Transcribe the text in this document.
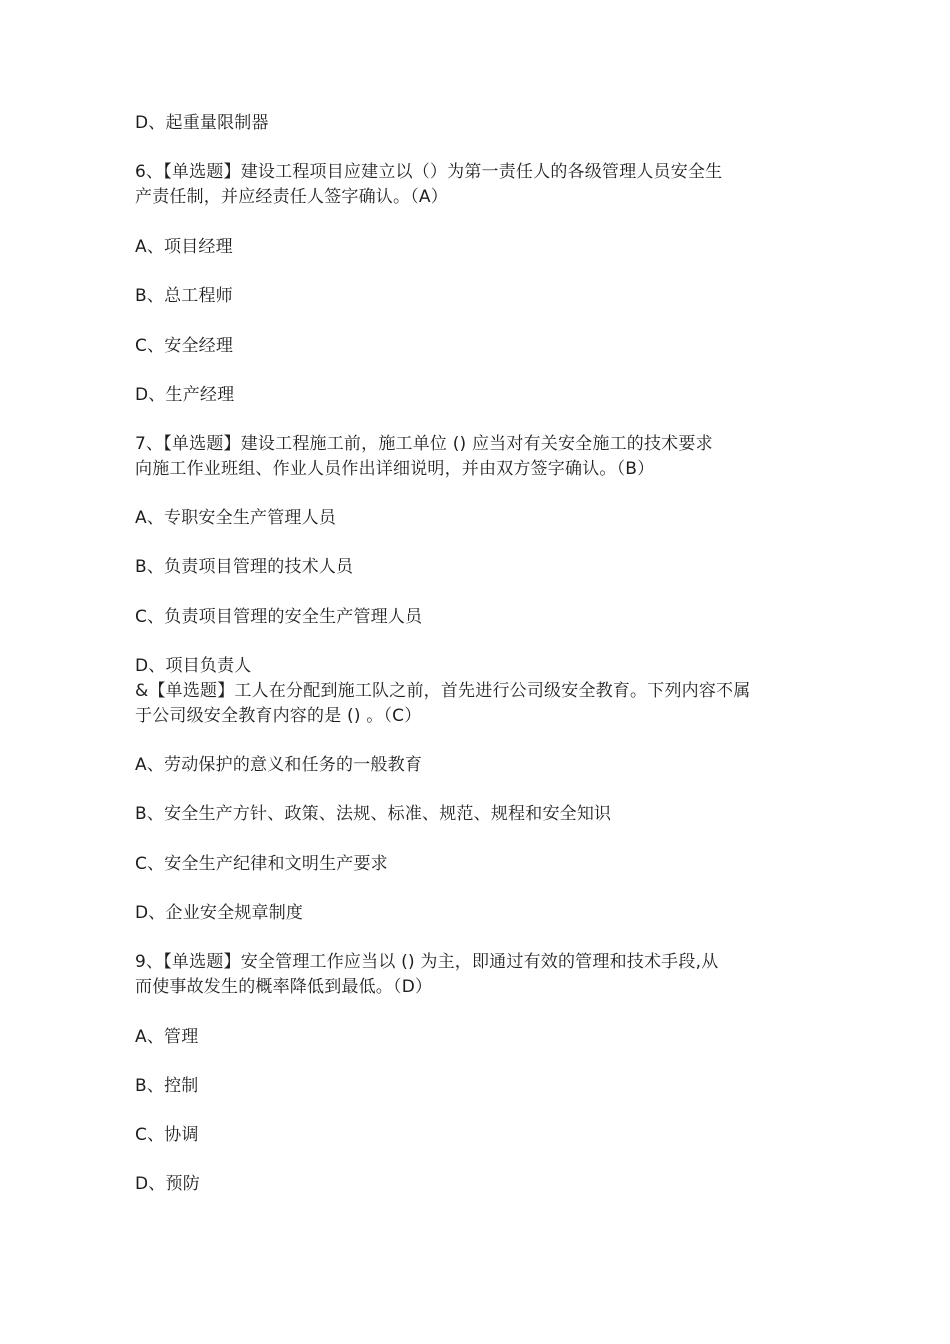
D、起重量限制器
6、【单选题】建设工程项目应建立以（）为第一责任人的各级管理人员安全生
产责任制，并应经责任人签字确认。（A）
A、项目经理
B、总工程师
C、安全经理
D、生产经理
7、【单选题】建设工程施工前，施工单位 () 应当对有关安全施工的技术要求
向施工作业班组、作业人员作出详细说明，并由双方签字确认。（B）
A、专职安全生产管理人员
B、负责项目管理的技术人员
C、负责项目管理的安全生产管理人员
D、项目负责人
&【单选题】工人在分配到施工队之前，首先进行公司级安全教育。下列内容不属
于公司级安全教育内容的是 () 。（C）
A、劳动保护的意义和任务的一般教育
B、安全生产方针、政策、法规、标准、规范、规程和安全知识
C、安全生产纪律和文明生产要求
D、企业安全规章制度
9、【单选题】安全管理工作应当以 () 为主，即通过有效的管理和技术手段,从
而使事故发生的概率降低到最低。（D）
A、管理
B、控制
C、协调
D、预防
